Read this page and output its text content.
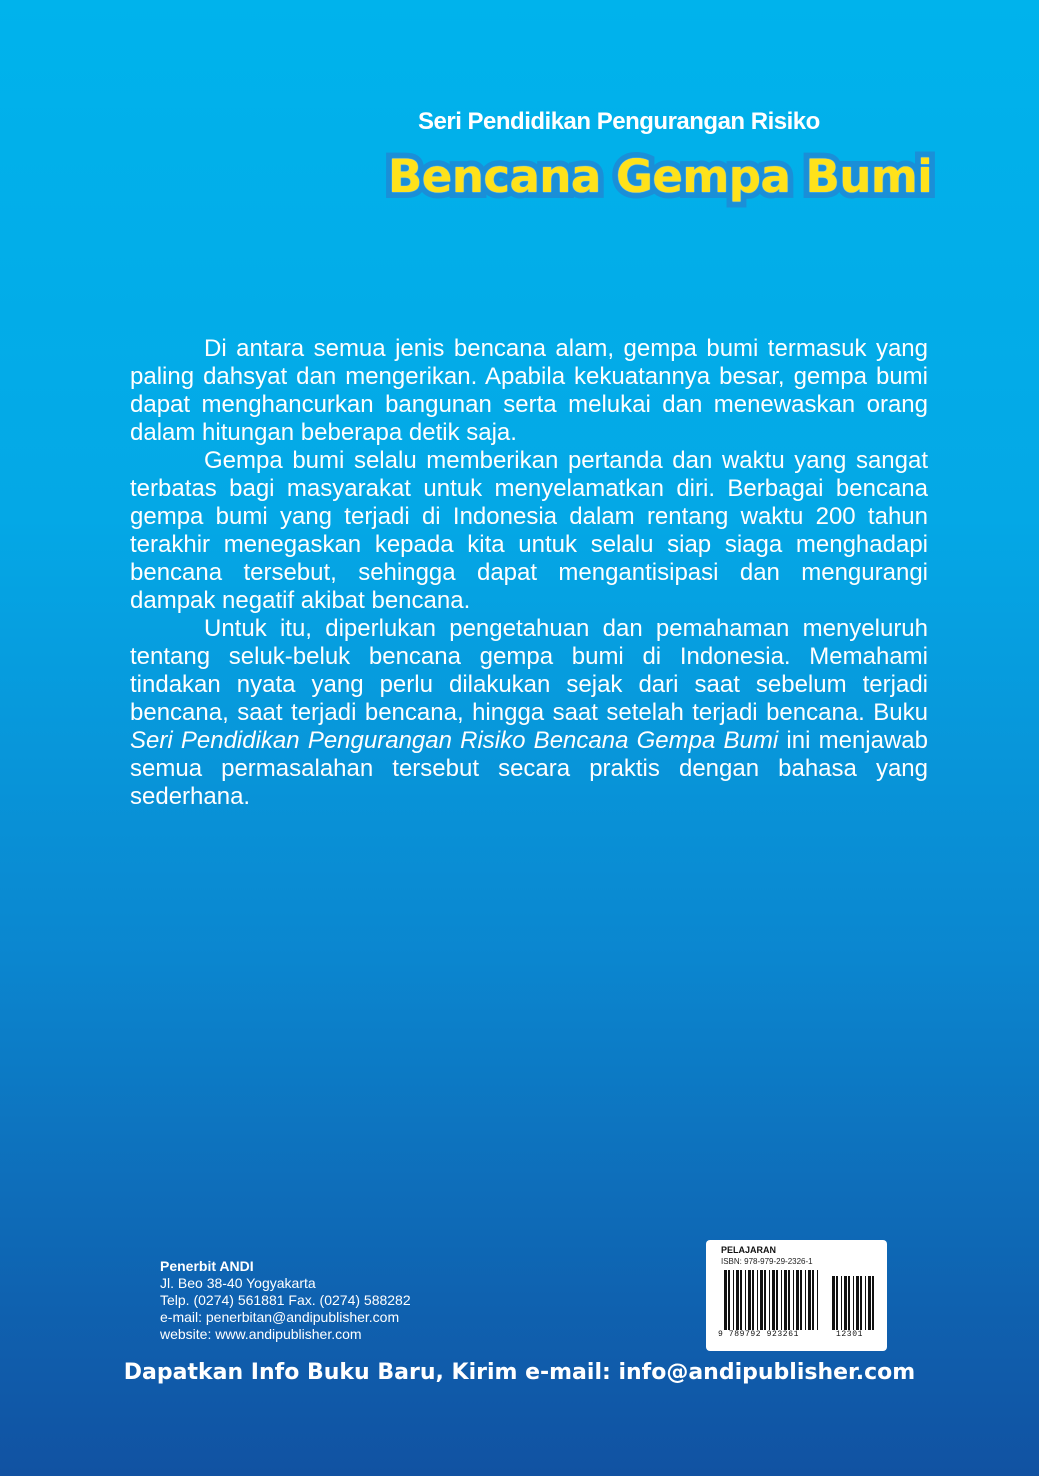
Seri Pendidikan Pengurangan Risiko
Bencana Gempa Bumi

Di antara semua jenis bencana alam, gempa bumi termasuk yang paling dahsyat dan mengerikan. Apabila kekuatannya besar, gempa bumi dapat menghancurkan bangunan serta melukai dan menewaskan orang dalam hitungan beberapa detik saja.

Gempa bumi selalu memberikan pertanda dan waktu yang sangat terbatas bagi masyarakat untuk menyelamatkan diri. Berbagai bencana gempa bumi yang terjadi di Indonesia dalam rentang waktu 200 tahun terakhir menegaskan kepada kita untuk selalu siap siaga menghadapi bencana tersebut, sehingga dapat mengantisipasi dan mengurangi dampak negatif akibat bencana.

Untuk itu, diperlukan pengetahuan dan pemahaman menyeluruh tentang seluk-beluk bencana gempa bumi di Indonesia. Memahami tindakan nyata yang perlu dilakukan sejak dari saat sebelum terjadi bencana, saat terjadi bencana, hingga saat setelah terjadi bencana. Buku Seri Pendidikan Pengurangan Risiko Bencana Gempa Bumi ini menjawab semua permasalahan tersebut secara praktis dengan bahasa yang sederhana.

Penerbit ANDI
Jl. Beo 38-40 Yogyakarta
Telp. (0274) 561881 Fax. (0274) 588282
e-mail: penerbitan@andipublisher.com
website: www.andipublisher.com
PELAJARAN
ISBN: 978-979-29-2326-1
9 789792 923261	12301
Dapatkan Info Buku Baru, Kirim e-mail: info@andipublisher.com
